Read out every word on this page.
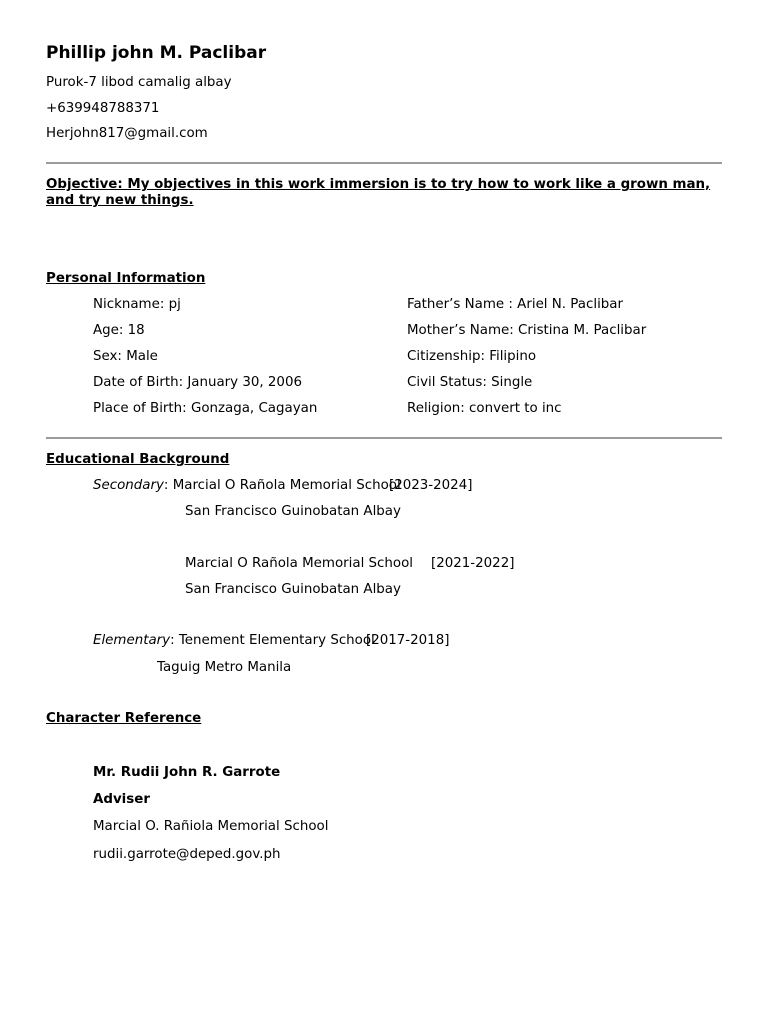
Phillip john M. Paclibar
Purok-7 libod camalig albay
+639948788371
Herjohn817@gmail.com
Objective: My objectives in this work immersion is to try how to work like a grown man, and try new things.
Personal Information
Nickname: pj
Age: 18
Sex: Male
Date of Birth: January 30, 2006
Place of Birth: Gonzaga, Cagayan
Father’s Name : Ariel N. Paclibar
Mother’s Name: Cristina M. Paclibar
Citizenship: Filipino
Civil Status: Single
Religion: convert to inc
Educational Background
Secondary: Marcial O Rañola Memorial School
[2023-2024]
San Francisco Guinobatan Albay
Marcial O Rañola Memorial School [2021-2022]
San Francisco Guinobatan Albay
Elementary: Tenement Elementary School
[2017-2018]
Taguig Metro Manila
Character Reference
Mr. Rudii John R. Garrote
Adviser
Marcial O. Rañiola Memorial School
rudii.garrote@deped.gov.ph
